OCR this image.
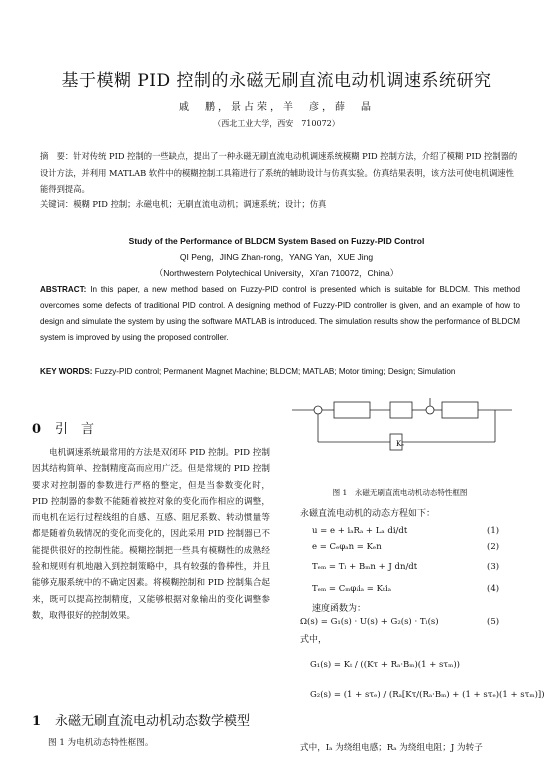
基于模糊 PID 控制的永磁无刷直流电动机调速系统研究
戚　鹏，景占荣，羊　彦，薛　晶
（西北工业大学，西安　710072）
摘　要：针对传统 PID 控制的一些缺点，提出了一种永磁无刷直流电动机调速系统模糊 PID 控制方法，介绍了模糊 PID 控制器的设计方法，并利用 MATLAB 软件中的模糊控制工具箱进行了系统的辅助设计与仿真实验。仿真结果表明，该方法可使电机调速性能得到提高。
关键词：模糊 PID 控制；永磁电机；无刷直流电动机；调速系统；设计；仿真
Study of the Performance of BLDCM System Based on Fuzzy-PID Control
QI Peng，JING Zhan-rong，YANG Yan，XUE Jing
（Northwestern Polytechical University，Xi'an 710072，China）
ABSTRACT: In this paper, a new method based on Fuzzy-PID control is presented which is suitable for BLDCM. This method overcomes some defects of traditional PID control. A designing method of Fuzzy-PID controller is given, and an example of how to design and simulate the system by using the software MATLAB is introduced. The simulation results show the performance of BLDCM system is improved by using the proposed controller.
KEY WORDS: Fuzzy-PID control; Permanent Magnet Machine; BLDCM; MATLAB; Motor timing; Design; Simulation
0 引　言
电机调速系统最常用的方法是双闭环 PID 控制。PID 控制因其结构简单、控制精度高而应用广泛。但是常规的 PID 控制要求对控制器的参数进行严格的整定，但是当参数变化时，PID 控制器的参数不能随着被控对象的变化而作相应的调整，而电机在运行过程线组的自感、互感、阻尼系数、转动惯量等都是随着负载情况的变化而变化的，因此采用 PID 控制器已不能提供很好的控制性能。模糊控制把一些具有模糊性的成熟经验和规则有机地融入到控制策略中，具有较强的鲁棒性，并且能够克服系统中的不确定因素。将模糊控制和 PID 控制集合起来，既可以提高控制精度，又能够根据对象输出的变化调整参数，取得很好的控制效果。
1 永磁无刷直流电动机动态数学模型
图 1 为电机动态特性框图。
Kₑ
图 1　永磁无刷直流电动机动态特性框图
永磁直流电动机的动态方程如下：
u = e + iₐRₐ + Lₐ di/dt	(1)
e = Cₑφₐn = Kₑn	(2)
Tₑₘ = Tₗ + Bₘn + J dn/dt	(3)
Tₑₘ = Cₘφᵢiₐ = Kₜiₐ	(4)
速度函数为：
Ω(s) = G₁(s) · U(s) + G₂(s) · Tₗ(s)	(5)
式中，
G₁(s) = Kₜ / ((Kτ + Rₐ·Bₘ)(1 + sτₘ))
G₂(s) = (1 + sτₑ) / (Rₐ[Kτ/(Rₐ·Bₘ) + (1 + sτₑ)(1 + sτₘ)])
式中，Iₐ 为绕组电感；Rₐ 为绕组电阻；J 为转子
